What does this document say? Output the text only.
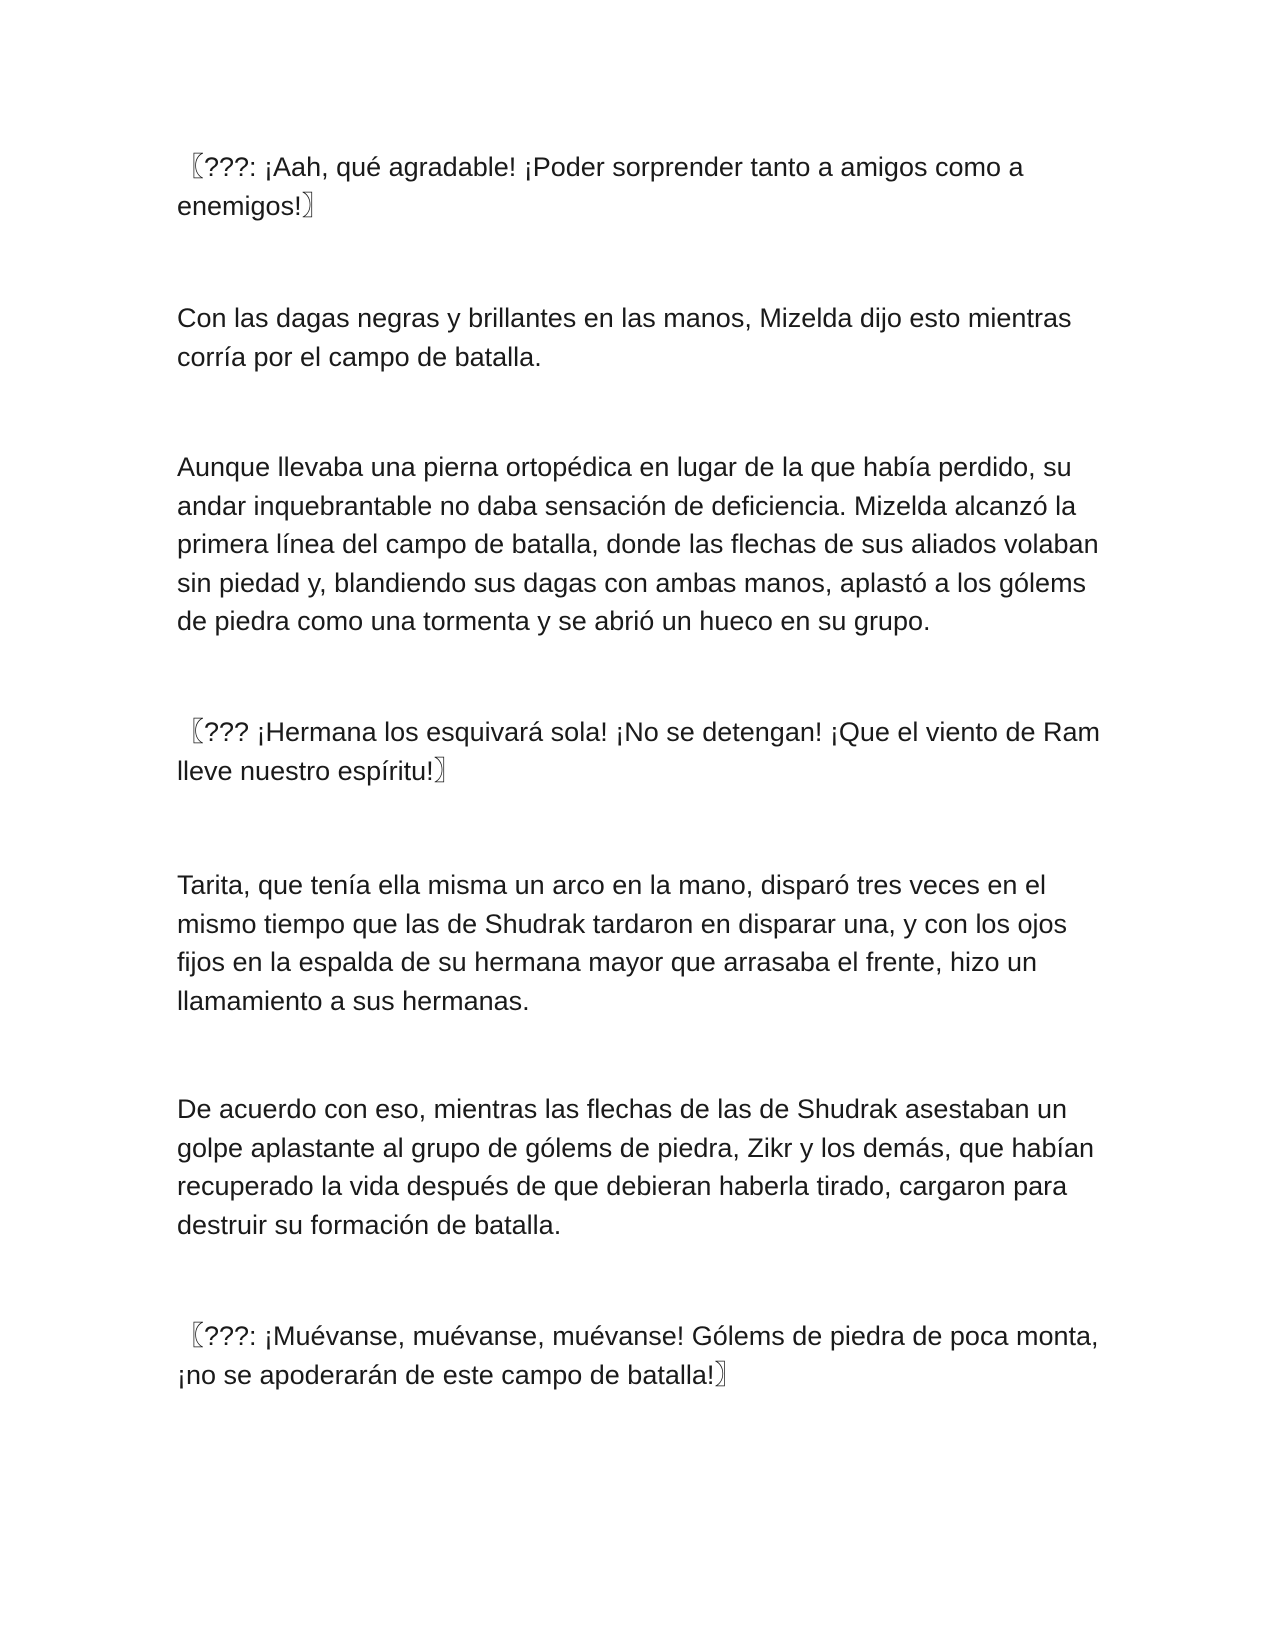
〖???: ¡Aah, qué agradable! ¡Poder sorprender tanto a amigos como a enemigos!〗

Con las dagas negras y brillantes en las manos, Mizelda dijo esto mientras corría por el campo de batalla.

Aunque llevaba una pierna ortopédica en lugar de la que había perdido, su andar inquebrantable no daba sensación de deficiencia. Mizelda alcanzó la primera línea del campo de batalla, donde las flechas de sus aliados volaban sin piedad y, blandiendo sus dagas con ambas manos, aplastó a los gólems de piedra como una tormenta y se abrió un hueco en su grupo.

〖??? ¡Hermana los esquivará sola! ¡No se detengan! ¡Que el viento de Ram lleve nuestro espíritu!〗

Tarita, que tenía ella misma un arco en la mano, disparó tres veces en el mismo tiempo que las de Shudrak tardaron en disparar una, y con los ojos fijos en la espalda de su hermana mayor que arrasaba el frente, hizo un llamamiento a sus hermanas.

De acuerdo con eso, mientras las flechas de las de Shudrak asestaban un golpe aplastante al grupo de gólems de piedra, Zikr y los demás, que habían recuperado la vida después de que debieran haberla tirado, cargaron para destruir su formación de batalla.

〖???: ¡Muévanse, muévanse, muévanse! Gólems de piedra de poca monta, ¡no se apoderarán de este campo de batalla!〗
